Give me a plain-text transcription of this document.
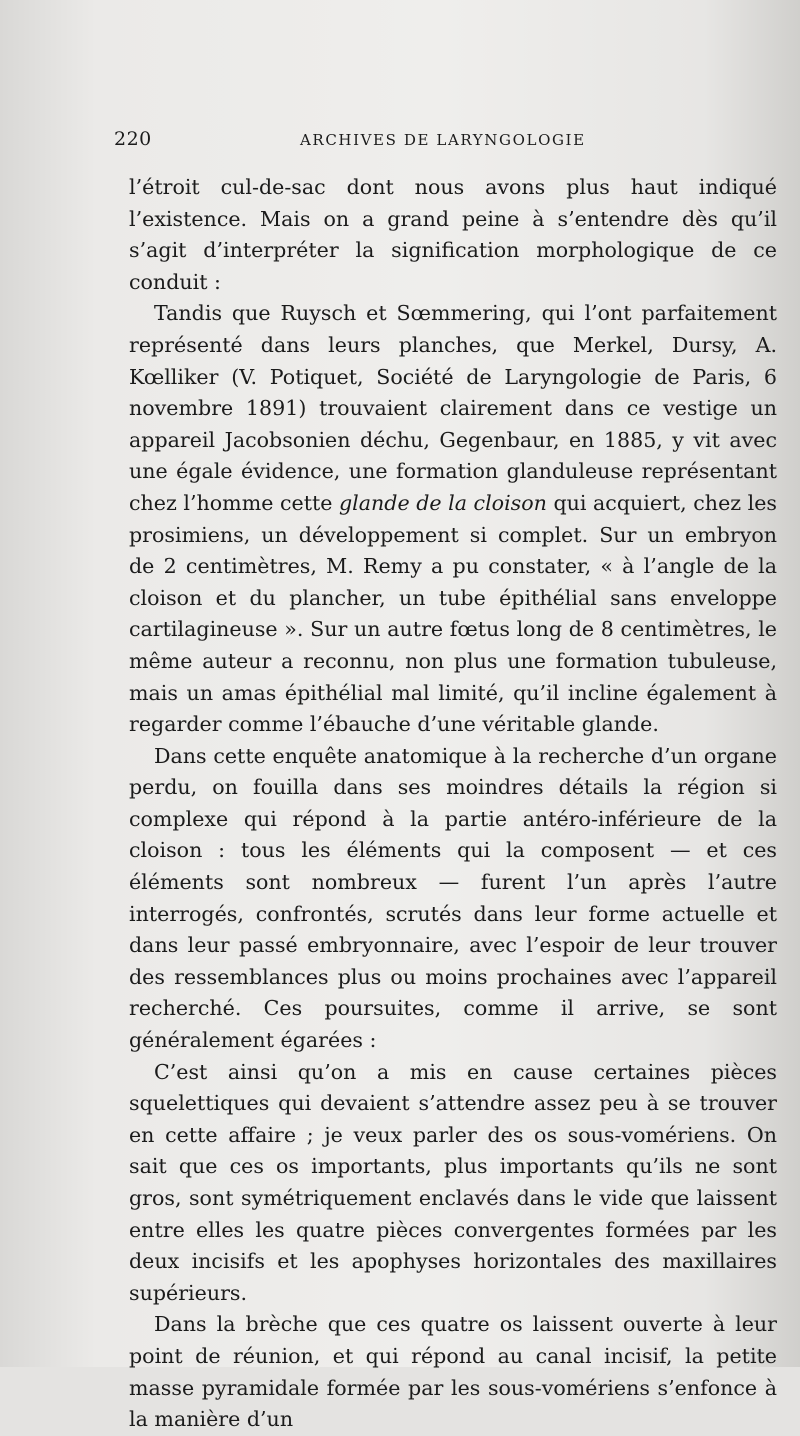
220	ARCHIVES DE LARYNGOLOGIE

l’étroit cul-de-sac dont nous avons plus haut indiqué l’existence. Mais on a grand peine à s’entendre dès qu’il s’agit d’interpréter la signification morphologique de ce conduit :

Tandis que Ruysch et Sœmmering, qui l’ont parfaitement représenté dans leurs planches, que Merkel, Dursy, A. Kœlliker (V. Potiquet, Société de Laryngologie de Paris, 6 novembre 1891) trouvaient clairement dans ce vestige un appareil Jacobsonien déchu, Gegenbaur, en 1885, y vit avec une égale évidence, une formation glanduleuse représentant chez l’homme cette glande de la cloison qui acquiert, chez les prosimiens, un développement si complet. Sur un embryon de 2 centimètres, M. Remy a pu constater, « à l’angle de la cloison et du plancher, un tube épithélial sans enveloppe cartilagineuse ». Sur un autre fœtus long de 8 centimètres, le même auteur a reconnu, non plus une formation tubuleuse, mais un amas épithélial mal limité, qu’il incline également à regarder comme l’ébauche d’une véritable glande.

Dans cette enquête anatomique à la recherche d’un organe perdu, on fouilla dans ses moindres détails la région si complexe qui répond à la partie antéro-inférieure de la cloison : tous les éléments qui la composent — et ces éléments sont nombreux — furent l’un après l’autre interrogés, confrontés, scrutés dans leur forme actuelle et dans leur passé embryonnaire, avec l’espoir de leur trouver des ressemblances plus ou moins prochaines avec l’appareil recherché. Ces poursuites, comme il arrive, se sont généralement égarées :

C’est ainsi qu’on a mis en cause certaines pièces squelettiques qui devaient s’attendre assez peu à se trouver en cette affaire ; je veux parler des os sous-vomériens. On sait que ces os importants, plus importants qu’ils ne sont gros, sont symétriquement enclavés dans le vide que laissent entre elles les quatre pièces convergentes formées par les deux incisifs et les apophyses horizontales des maxillaires supérieurs.

Dans la brèche que ces quatre os laissent ouverte à leur point de réunion, et qui répond au canal incisif, la petite masse pyramidale formée par les sous-vomériens s’enfonce à la manière d’un
